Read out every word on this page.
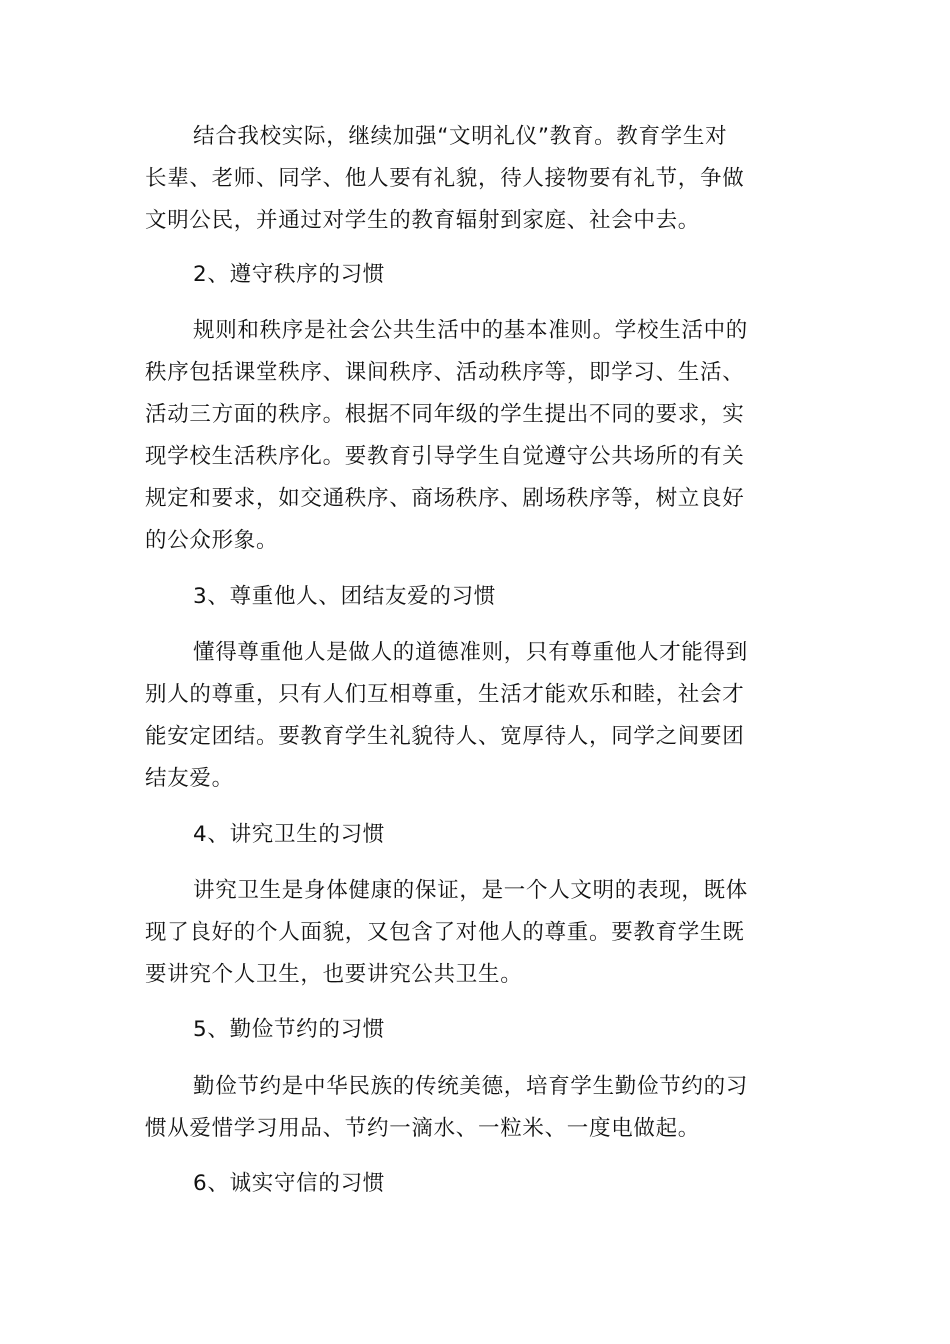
结合我校实际，继续加强“文明礼仪”教育。教育学生对
长辈、老师、同学、他人要有礼貌，待人接物要有礼节，争做
文明公民，并通过对学生的教育辐射到家庭、社会中去。

2、遵守秩序的习惯

规则和秩序是社会公共生活中的基本准则。学校生活中的
秩序包括课堂秩序、课间秩序、活动秩序等，即学习、生活、
活动三方面的秩序。根据不同年级的学生提出不同的要求，实
现学校生活秩序化。要教育引导学生自觉遵守公共场所的有关
规定和要求，如交通秩序、商场秩序、剧场秩序等，树立良好
的公众形象。

3、尊重他人、团结友爱的习惯

懂得尊重他人是做人的道德准则，只有尊重他人才能得到
别人的尊重，只有人们互相尊重，生活才能欢乐和睦，社会才
能安定团结。要教育学生礼貌待人、宽厚待人，同学之间要团
结友爱。

4、讲究卫生的习惯

讲究卫生是身体健康的保证，是一个人文明的表现，既体
现了良好的个人面貌，又包含了对他人的尊重。要教育学生既
要讲究个人卫生，也要讲究公共卫生。

5、勤俭节约的习惯

勤俭节约是中华民族的传统美德，培育学生勤俭节约的习
惯从爱惜学习用品、节约一滴水、一粒米、一度电做起。

6、诚实守信的习惯
